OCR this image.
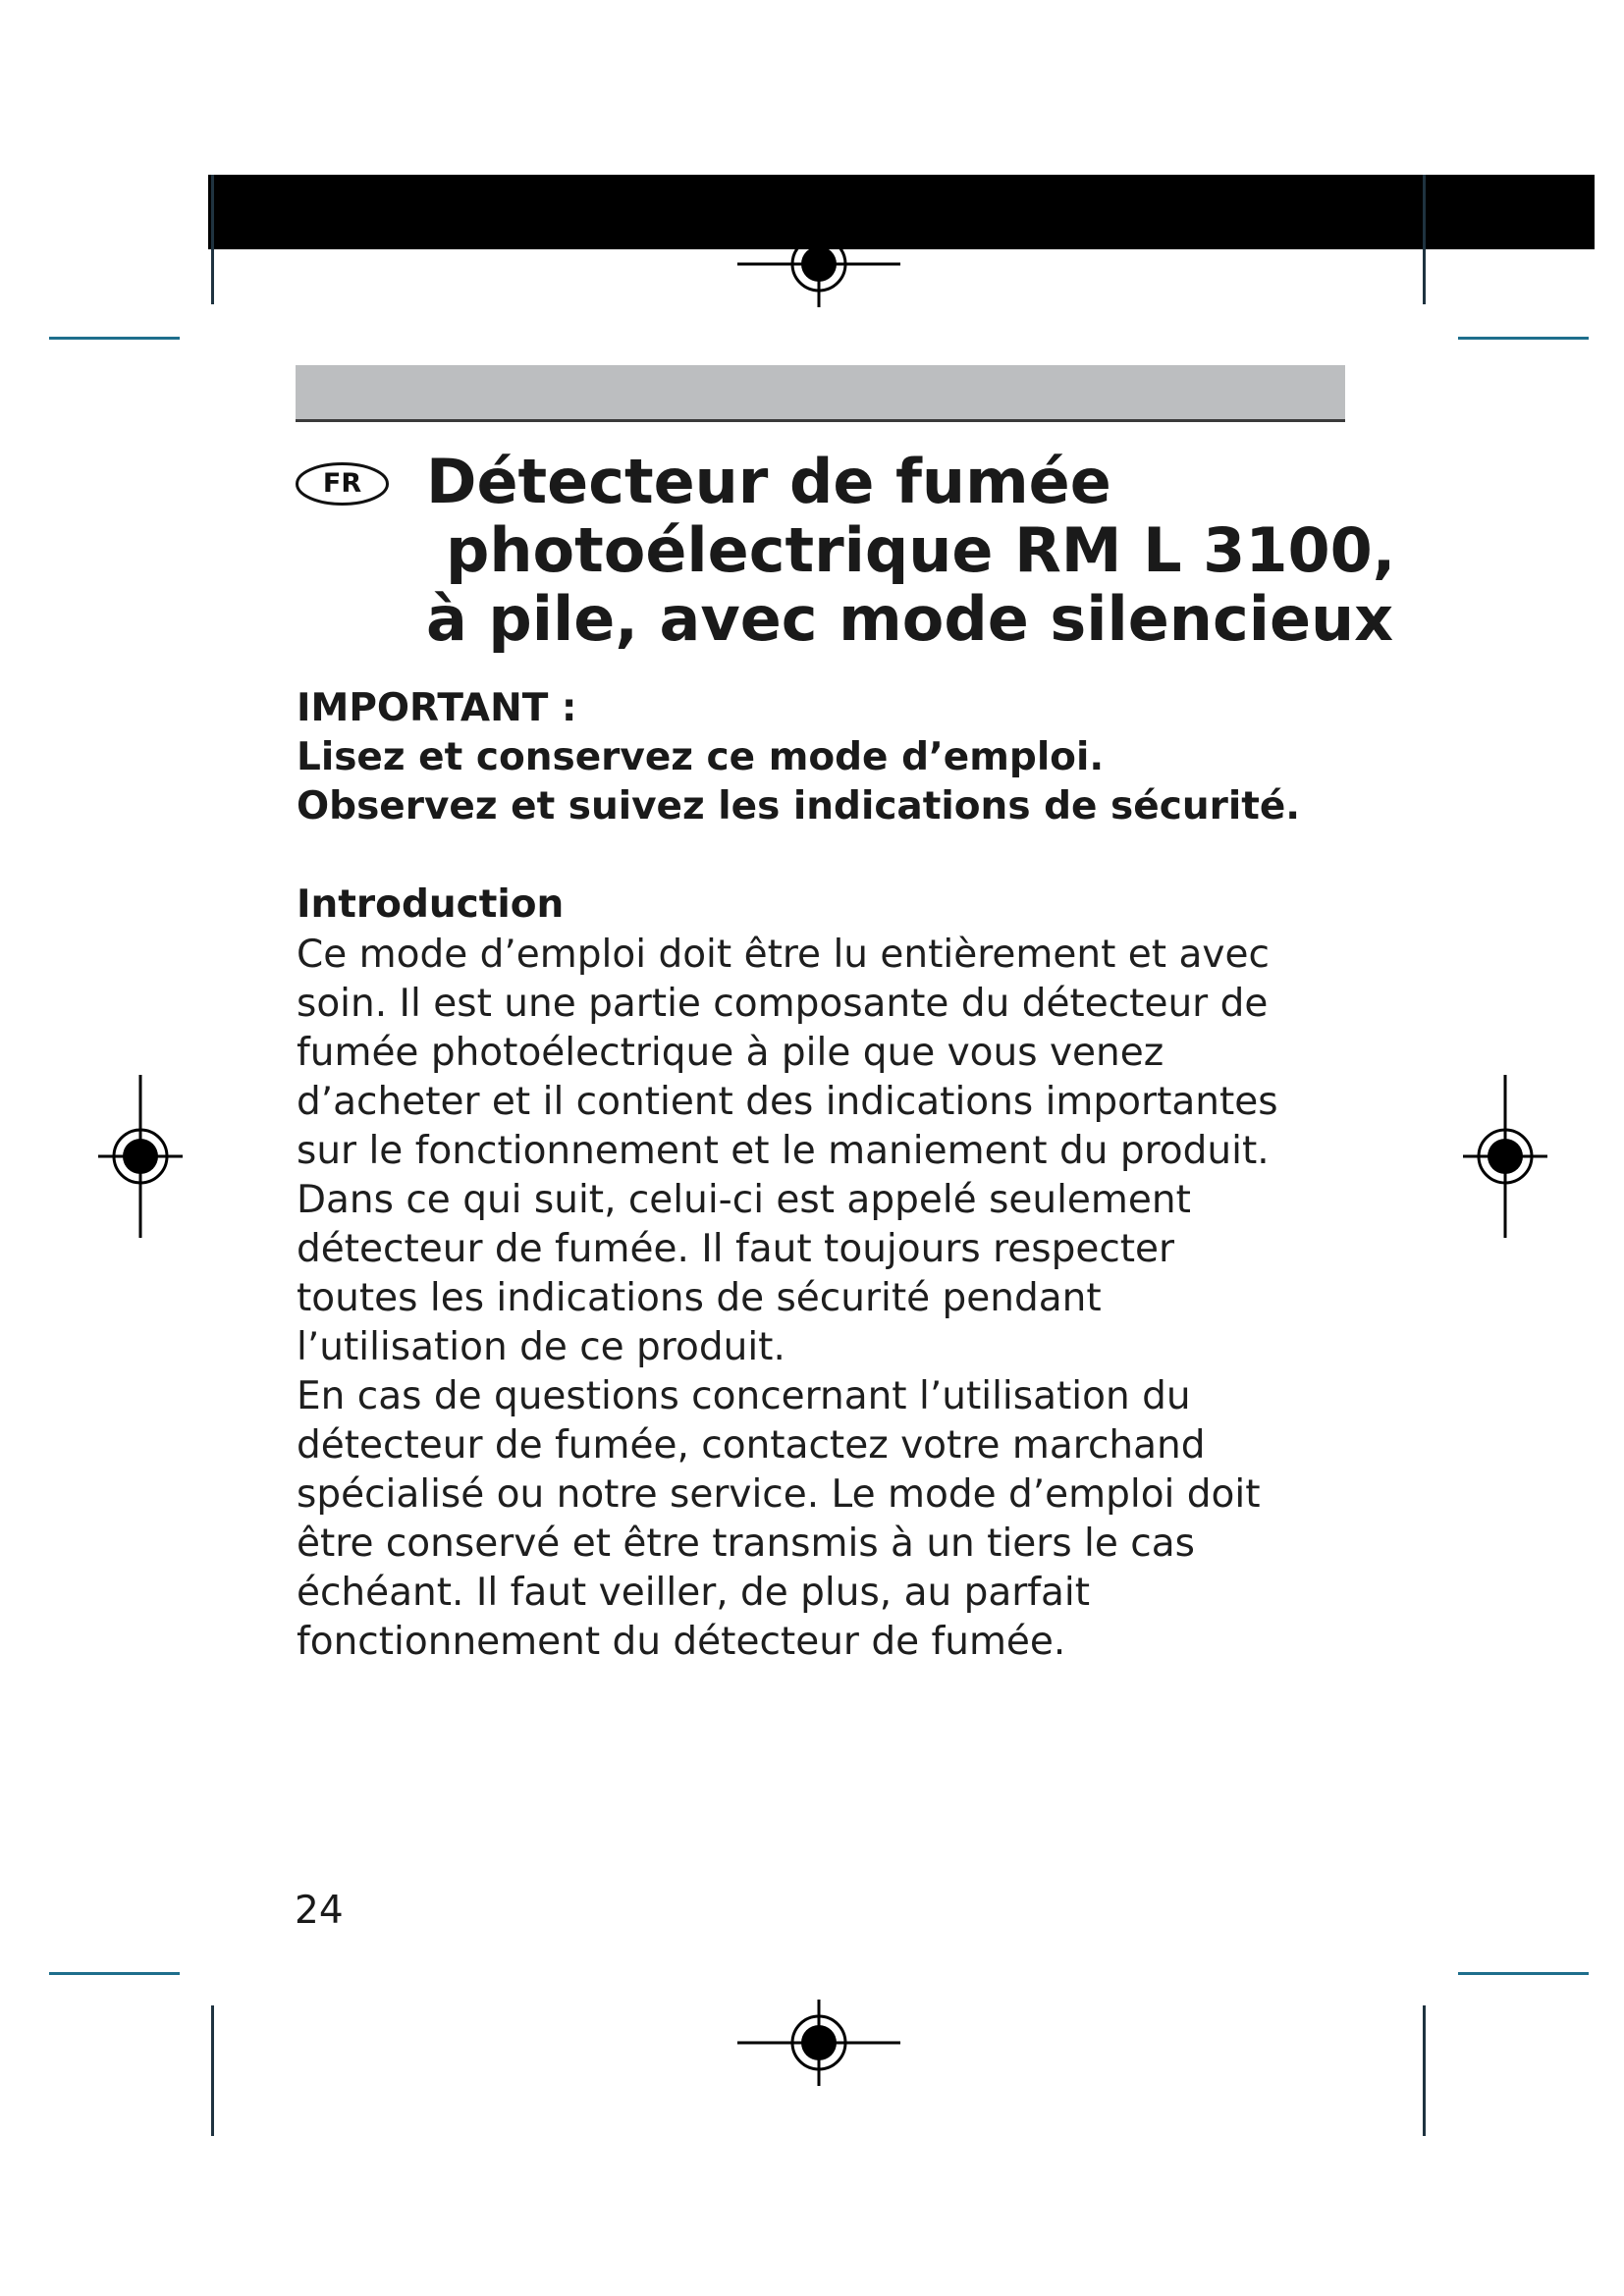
FR	Détecteur de fumée
photoélectrique RM L 3100,
à pile, avec mode silencieux
IMPORTANT :
Lisez et conservez ce mode d’emploi.
Observez et suivez les indications de sécurité.
Introduction
Ce mode d’emploi doit être lu entièrement et avec
soin. Il est une partie composante du détecteur de
fumée photoélectrique à pile que vous venez
d’acheter et il contient des indications importantes
sur le fonctionnement et le maniement du produit.
Dans ce qui suit, celui-ci est appelé seulement
détecteur de fumée. Il faut toujours respecter
toutes les indications de sécurité pendant
l’utilisation de ce produit.
En cas de questions concernant l’utilisation du
détecteur de fumée, contactez votre marchand
spécialisé ou notre service. Le mode d’emploi doit
être conservé et être transmis à un tiers le cas
échéant. Il faut veiller, de plus, au parfait
fonctionnement du détecteur de fumée.
24
